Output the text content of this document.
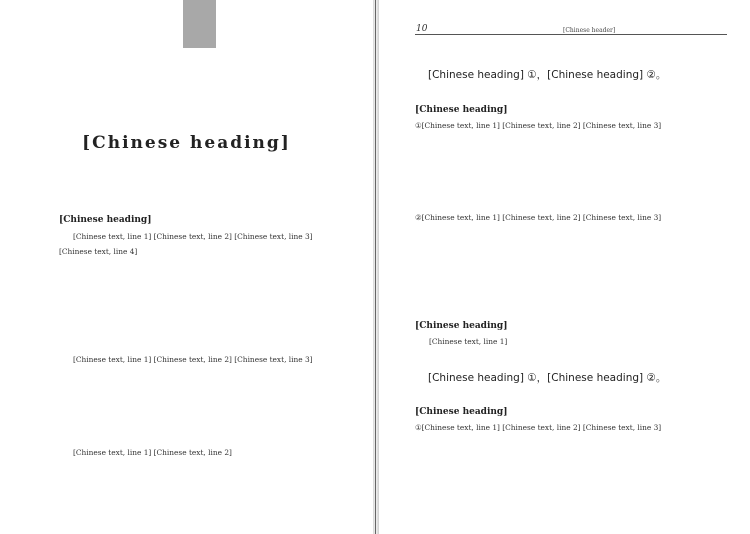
[Chinese heading]
[Chinese heading]

[Chinese text, line 1] [Chinese text, line 2] [Chinese text, line 3] [Chinese text, line 4]

[Chinese text, line 1] [Chinese text, line 2] [Chinese text, line 3]

[Chinese text, line 1] [Chinese text, line 2]

10	[Chinese header]
[Chinese heading] ①，[Chinese heading] ②。
[Chinese heading]

①[Chinese text, line 1] [Chinese text, line 2] [Chinese text, line 3]

②[Chinese text, line 1] [Chinese text, line 2] [Chinese text, line 3]

[Chinese heading]

[Chinese text, line 1]

[Chinese heading] ①，[Chinese heading] ②。
[Chinese heading]

①[Chinese text, line 1] [Chinese text, line 2] [Chinese text, line 3]
